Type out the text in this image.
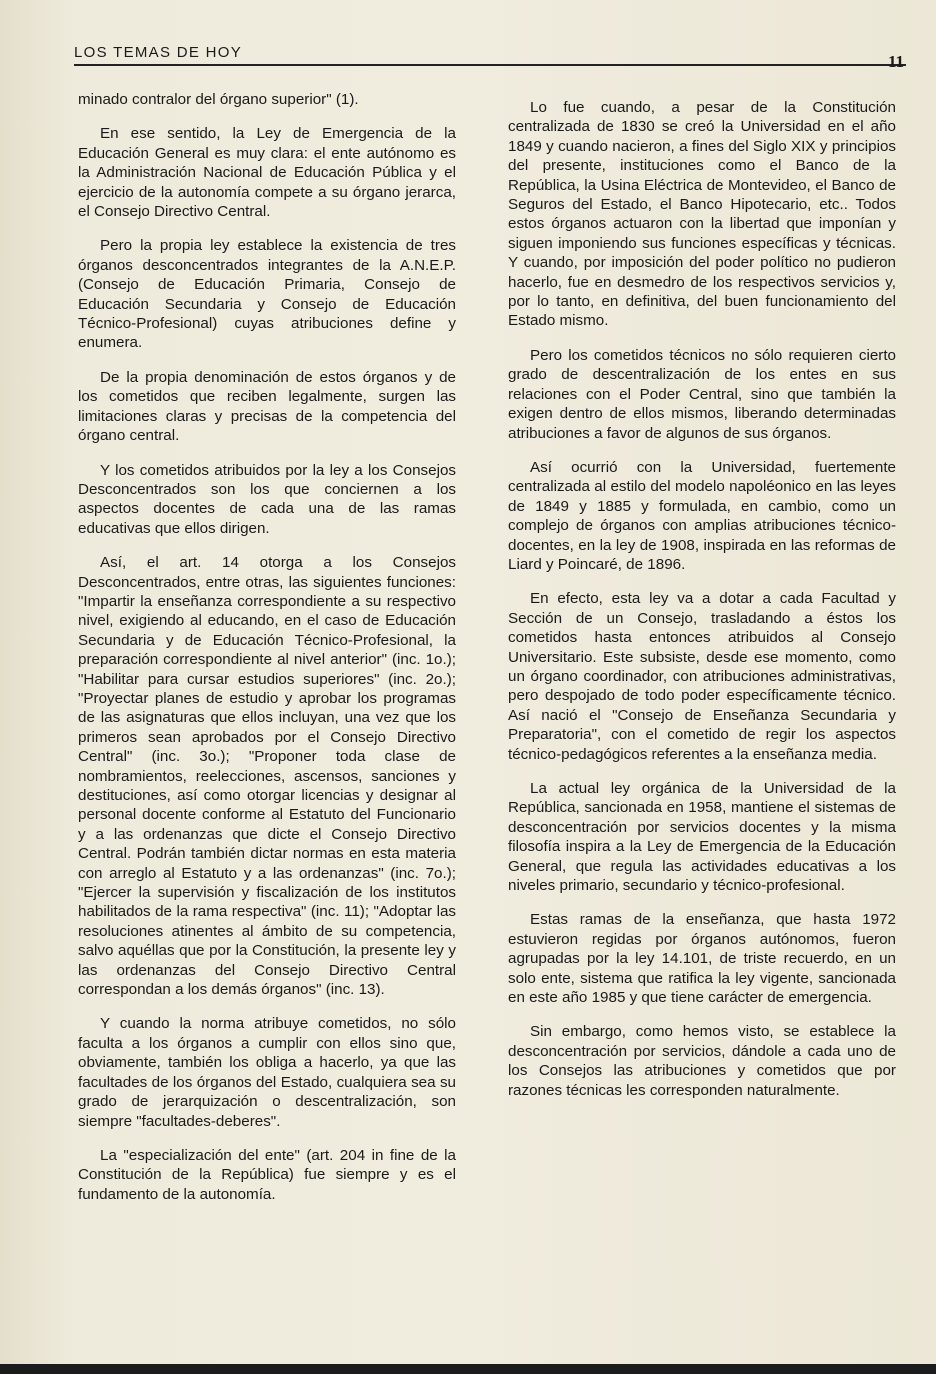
LOS TEMAS DE HOY	11

minado contralor del órgano superior" (1).

En ese sentido, la Ley de Emergencia de la Educación General es muy clara: el ente autónomo es la Administración Nacional de Educación Pública y el ejercicio de la autonomía compete a su órgano jerarca, el Consejo Directivo Central.

Pero la propia ley establece la existencia de tres órganos desconcentrados integrantes de la A.N.E.P. (Consejo de Educación Primaria, Consejo de Educación Secundaria y Consejo de Educación Técnico-Profesional) cuyas atribuciones define y enumera.

De la propia denominación de estos órganos y de los cometidos que reciben legalmente, surgen las limitaciones claras y precisas de la competencia del órgano central.

Y los cometidos atribuidos por la ley a los Consejos Desconcentrados son los que conciernen a los aspectos docentes de cada una de las ramas educativas que ellos dirigen.

Así, el art. 14 otorga a los Consejos Desconcentrados, entre otras, las siguientes funciones: "Impartir la enseñanza correspondiente a su respectivo nivel, exigiendo al educando, en el caso de Educación Secundaria y de Educación Técnico-Profesional, la preparación correspondiente al nivel anterior" (inc. 1o.); "Habilitar para cursar estudios superiores" (inc. 2o.); "Proyectar planes de estudio y aprobar los programas de las asignaturas que ellos incluyan, una vez que los primeros sean aprobados por el Consejo Directivo Central" (inc. 3o.); "Proponer toda clase de nombramientos, reelecciones, ascensos, sanciones y destituciones, así como otorgar licencias y designar al personal docente conforme al Estatuto del Funcionario y a las ordenanzas que dicte el Consejo Directivo Central. Podrán también dictar normas en esta materia con arreglo al Estatuto y a las ordenanzas" (inc. 7o.); "Ejercer la supervisión y fiscalización de los institutos habilitados de la rama respectiva" (inc. 11); "Adoptar las resoluciones atinentes al ámbito de su competencia, salvo aquéllas que por la Constitución, la presente ley y las ordenanzas del Consejo Directivo Central correspondan a los demás órganos" (inc. 13).

Y cuando la norma atribuye cometidos, no sólo faculta a los órganos a cumplir con ellos sino que, obviamente, también los obliga a hacerlo, ya que las facultades de los órganos del Estado, cualquiera sea su grado de jerarquización o descentralización, son siempre "facultades-deberes".

La "especialización del ente" (art. 204 in fine de la Constitución de la República) fue siempre y es el fundamento de la autonomía.

Lo fue cuando, a pesar de la Constitución centralizada de 1830 se creó la Universidad en el año 1849 y cuando nacieron, a fines del Siglo XIX y principios del presente, instituciones como el Banco de la República, la Usina Eléctrica de Montevideo, el Banco de Seguros del Estado, el Banco Hipotecario, etc.. Todos estos órganos actuaron con la libertad que imponían y siguen imponiendo sus funciones específicas y técnicas. Y cuando, por imposición del poder político no pudieron hacerlo, fue en desmedro de los respectivos servicios y, por lo tanto, en definitiva, del buen funcionamiento del Estado mismo.

Pero los cometidos técnicos no sólo requieren cierto grado de descentralización de los entes en sus relaciones con el Poder Central, sino que también la exigen dentro de ellos mismos, liberando determinadas atribuciones a favor de algunos de sus órganos.

Así ocurrió con la Universidad, fuertemente centralizada al estilo del modelo napoléonico en las leyes de 1849 y 1885 y formulada, en cambio, como un complejo de órganos con amplias atribuciones técnico-docentes, en la ley de 1908, inspirada en las reformas de Liard y Poincaré, de 1896.

En efecto, esta ley va a dotar a cada Facultad y Sección de un Consejo, trasladando a éstos los cometidos hasta entonces atribuidos al Consejo Universitario. Este subsiste, desde ese momento, como un órgano coordinador, con atribuciones administrativas, pero despojado de todo poder específicamente técnico. Así nació el "Consejo de Enseñanza Secundaria y Preparatoria", con el cometido de regir los aspectos técnico-pedagógicos referentes a la enseñanza media.

La actual ley orgánica de la Universidad de la República, sancionada en 1958, mantiene el sistemas de desconcentración por servicios docentes y la misma filosofía inspira a la Ley de Emergencia de la Educación General, que regula las actividades educativas a los niveles primario, secundario y técnico-profesional.

Estas ramas de la enseñanza, que hasta 1972 estuvieron regidas por órganos autónomos, fueron agrupadas por la ley 14.101, de triste recuerdo, en un solo ente, sistema que ratifica la ley vigente, sancionada en este año 1985 y que tiene carácter de emergencia.

Sin embargo, como hemos visto, se establece la desconcentración por servicios, dándole a cada uno de los Consejos las atribuciones y cometidos que por razones técnicas les corresponden naturalmente.
